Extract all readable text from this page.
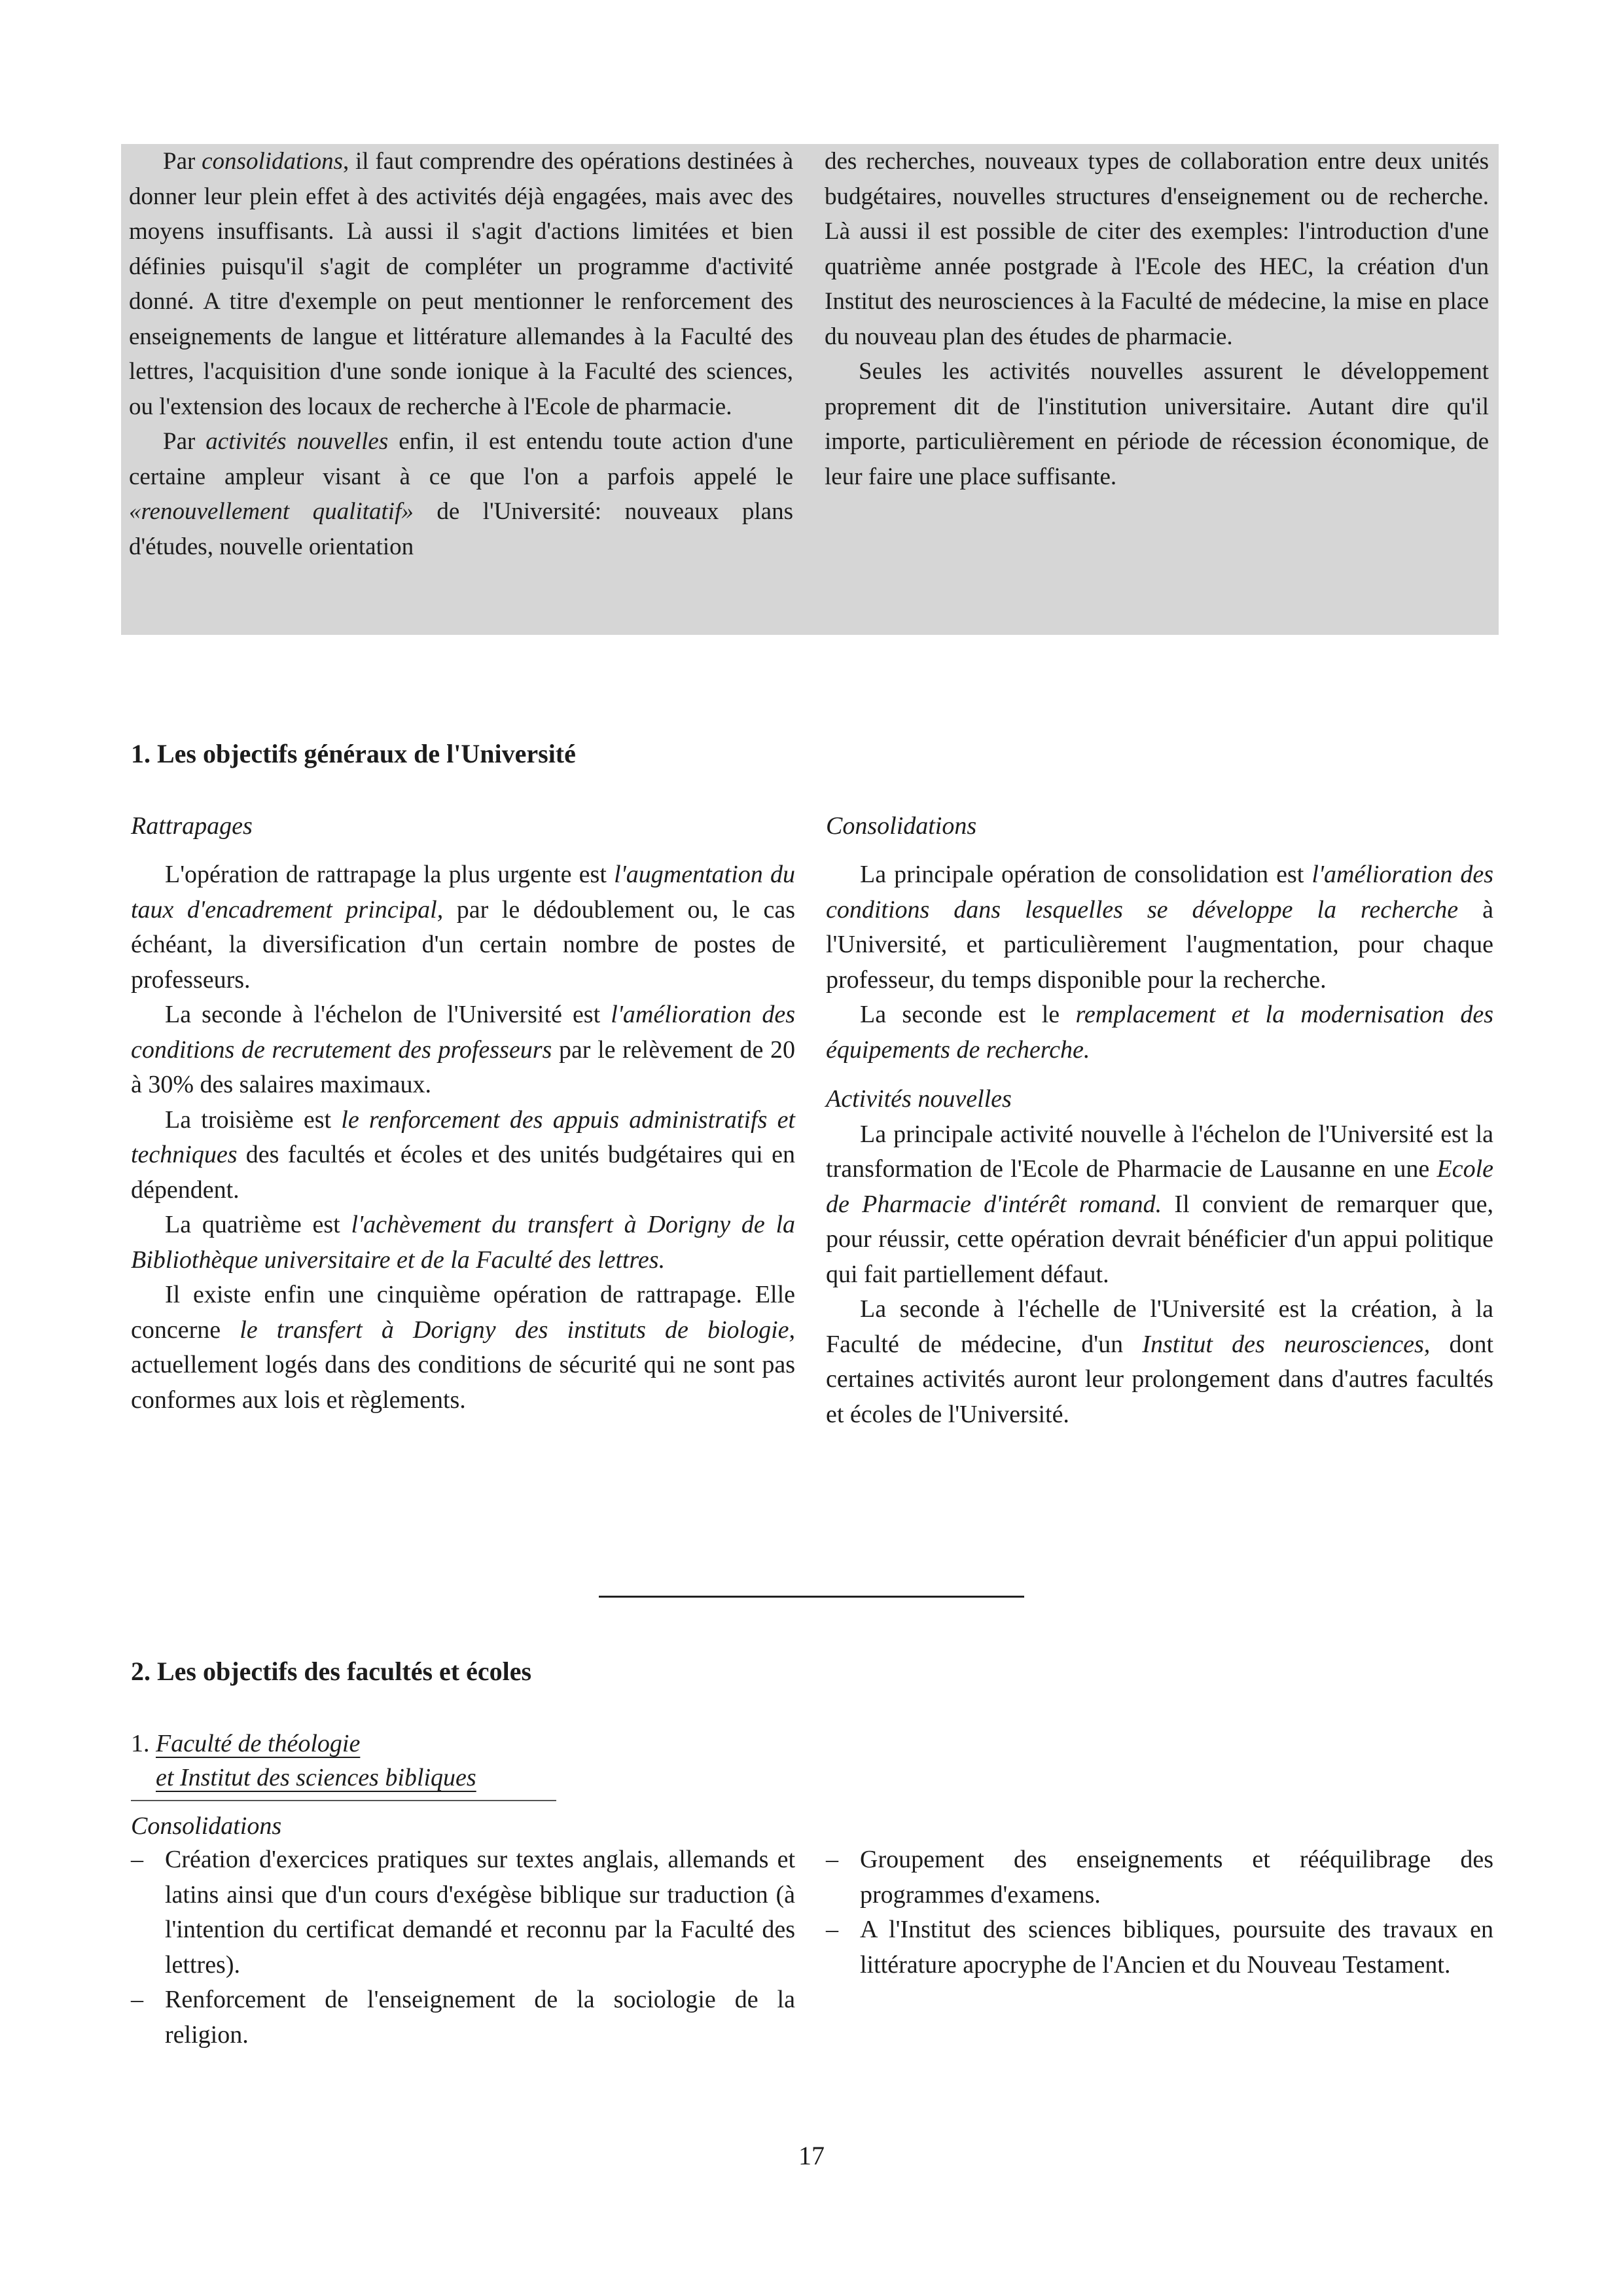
Par consolidations, il faut comprendre des opérations destinées à donner leur plein effet à des activités déjà engagées, mais avec des moyens insuffisants. Là aussi il s'agit d'actions limitées et bien définies puisqu'il s'agit de compléter un programme d'activité donné. A titre d'exemple on peut mentionner le renforcement des enseignements de langue et littérature allemandes à la Faculté des lettres, l'acquisition d'une sonde ionique à la Faculté des sciences, ou l'extension des locaux de recherche à l'Ecole de pharmacie.

Par activités nouvelles enfin, il est entendu toute action d'une certaine ampleur visant à ce que l'on a parfois appelé le «renouvellement qualitatif» de l'Université: nouveaux plans d'études, nouvelle orientation

des recherches, nouveaux types de collaboration entre deux unités budgétaires, nouvelles structures d'enseignement ou de recherche. Là aussi il est possible de citer des exemples: l'introduction d'une quatrième année postgrade à l'Ecole des HEC, la création d'un Institut des neurosciences à la Faculté de médecine, la mise en place du nouveau plan des études de pharmacie.

Seules les activités nouvelles assurent le développement proprement dit de l'institution universitaire. Autant dire qu'il importe, particulièrement en période de récession économique, de leur faire une place suffisante.

1. Les objectifs généraux de l'Université
Rattrapages

L'opération de rattrapage la plus urgente est l'augmentation du taux d'encadrement principal, par le dédoublement ou, le cas échéant, la diversification d'un certain nombre de postes de professeurs.

La seconde à l'échelon de l'Université est l'amélioration des conditions de recrutement des professeurs par le relèvement de 20 à 30% des salaires maximaux.

La troisième est le renforcement des appuis administratifs et techniques des facultés et écoles et des unités budgétaires qui en dépendent.

La quatrième est l'achèvement du transfert à Dorigny de la Bibliothèque universitaire et de la Faculté des lettres.

Il existe enfin une cinquième opération de rattrapage. Elle concerne le transfert à Dorigny des instituts de biologie, actuellement logés dans des conditions de sécurité qui ne sont pas conformes aux lois et règlements.

Consolidations

La principale opération de consolidation est l'amélioration des conditions dans lesquelles se développe la recherche à l'Université, et particulièrement l'augmentation, pour chaque professeur, du temps disponible pour la recherche.

La seconde est le remplacement et la modernisation des équipements de recherche.

Activités nouvelles

La principale activité nouvelle à l'échelon de l'Université est la transformation de l'Ecole de Pharmacie de Lausanne en une Ecole de Pharmacie d'intérêt romand. Il convient de remarquer que, pour réussir, cette opération devrait bénéficier d'un appui politique qui fait partiellement défaut.

La seconde à l'échelle de l'Université est la création, à la Faculté de médecine, d'un Institut des neurosciences, dont certaines activités auront leur prolongement dans d'autres facultés et écoles de l'Université.

2. Les objectifs des facultés et écoles
1. Faculté de théologie
et Institut des sciences bibliques
Consolidations
– Création d'exercices pratiques sur textes anglais, allemands et latins ainsi que d'un cours d'exégèse biblique sur traduction (à l'intention du certificat demandé et reconnu par la Faculté des lettres).
– Renforcement de l'enseignement de la sociologie de la religion.
– Groupement des enseignements et rééquilibrage des programmes d'examens.
– A l'Institut des sciences bibliques, poursuite des travaux en littérature apocryphe de l'Ancien et du Nouveau Testament.
17
